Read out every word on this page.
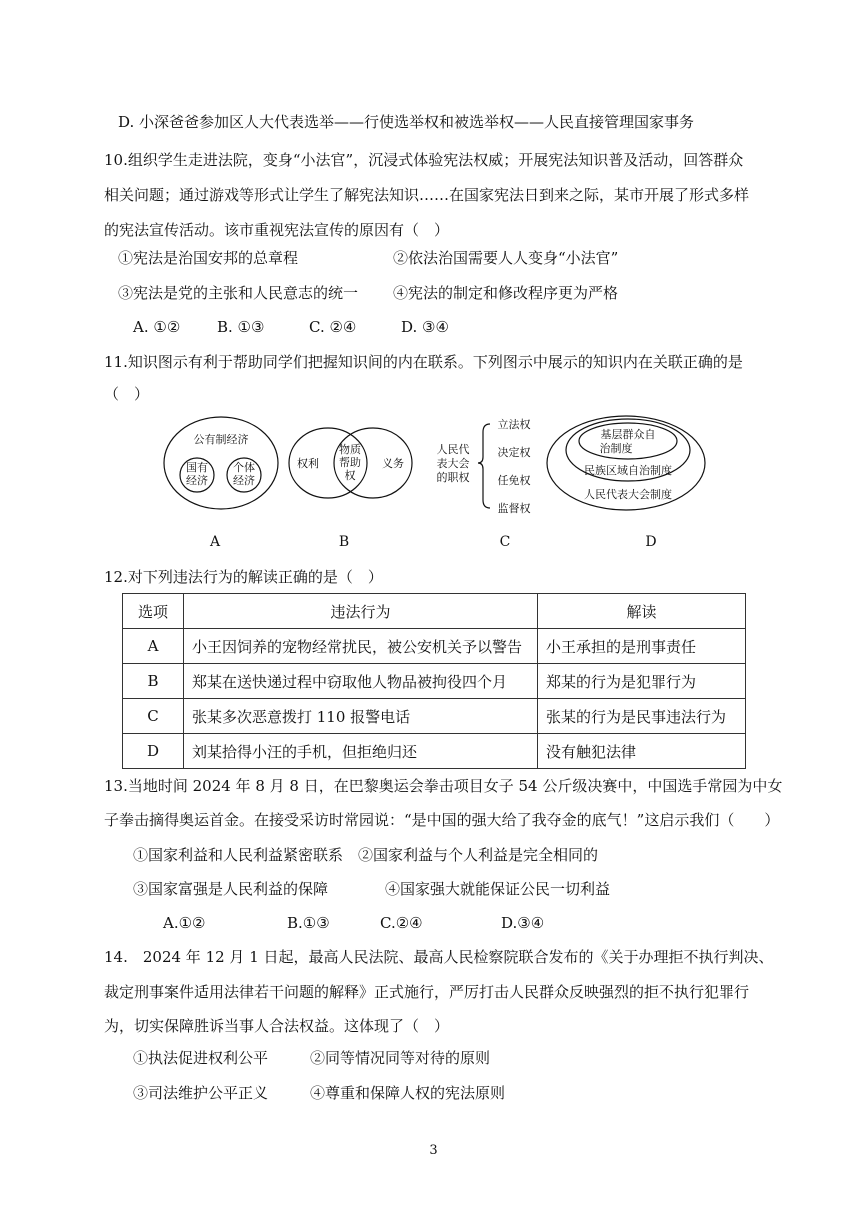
D. 小深爸爸参加区人大代表选举——行使选举权和被选举权——人民直接管理国家事务
10.组织学生走进法院，变身“小法官”，沉浸式体验宪法权威；开展宪法知识普及活动，回答群众
相关问题；通过游戏等形式让学生了解宪法知识……在国家宪法日到来之际，某市开展了形式多样
的宪法宣传活动。该市重视宪法宣传的原因有（　）
①宪法是治国安邦的总章程	②依法治国需要人人变身“小法官”
③宪法是党的主张和人民意志的统一 ④宪法的制定和修改程序更为严格
A. ①② B. ①③	C. ②④	D. ③④
11.知识图示有利于帮助同学们把握知识间的内在联系。下列图示中展示的知识内在关联正确的是
（　）
公有制经济
国有
经济
个体
经济
权利
物质
帮助
权
义务
人民代
表大会
的职权
立法权
决定权
任免权
监督权
基层群众自
治制度
民族区域自治制度
人民代表大会制度
A	B	C	D
12.对下列违法行为的解读正确的是（　）
选项	违法行为	解读
A	小王因饲养的宠物经常扰民，被公安机关予以警告	小王承担的是刑事责任
B	郑某在送快递过程中窃取他人物品被拘役四个月	郑某的行为是犯罪行为
C	张某多次恶意拨打 110 报警电话	张某的行为是民事违法行为
D	刘某拾得小汪的手机，但拒绝归还	没有触犯法律
13.当地时间 2024 年 8 月 8 日，在巴黎奥运会拳击项目女子 54 公斤级决赛中，中国选手常园为中女
子拳击摘得奥运首金。在接受采访时常园说：“是中国的强大给了我夺金的底气！”这启示我们（　　）
①国家利益和人民利益紧密联系 ②国家利益与个人利益是完全相同的
③国家富强是人民利益的保障	④国家强大就能保证公民一切利益
A.①②	B.①③	C.②④	D.③④
14.　2024 年 12 月 1 日起，最高人民法院、最高人民检察院联合发布的《关于办理拒不执行判决、
裁定刑事案件适用法律若干问题的解释》正式施行，严厉打击人民群众反映强烈的拒不执行犯罪行
为，切实保障胜诉当事人合法权益。这体现了（　）
①执法促进权利公平	②同等情况同等对待的原则
③司法维护公平正义	④尊重和保障人权的宪法原则
3
